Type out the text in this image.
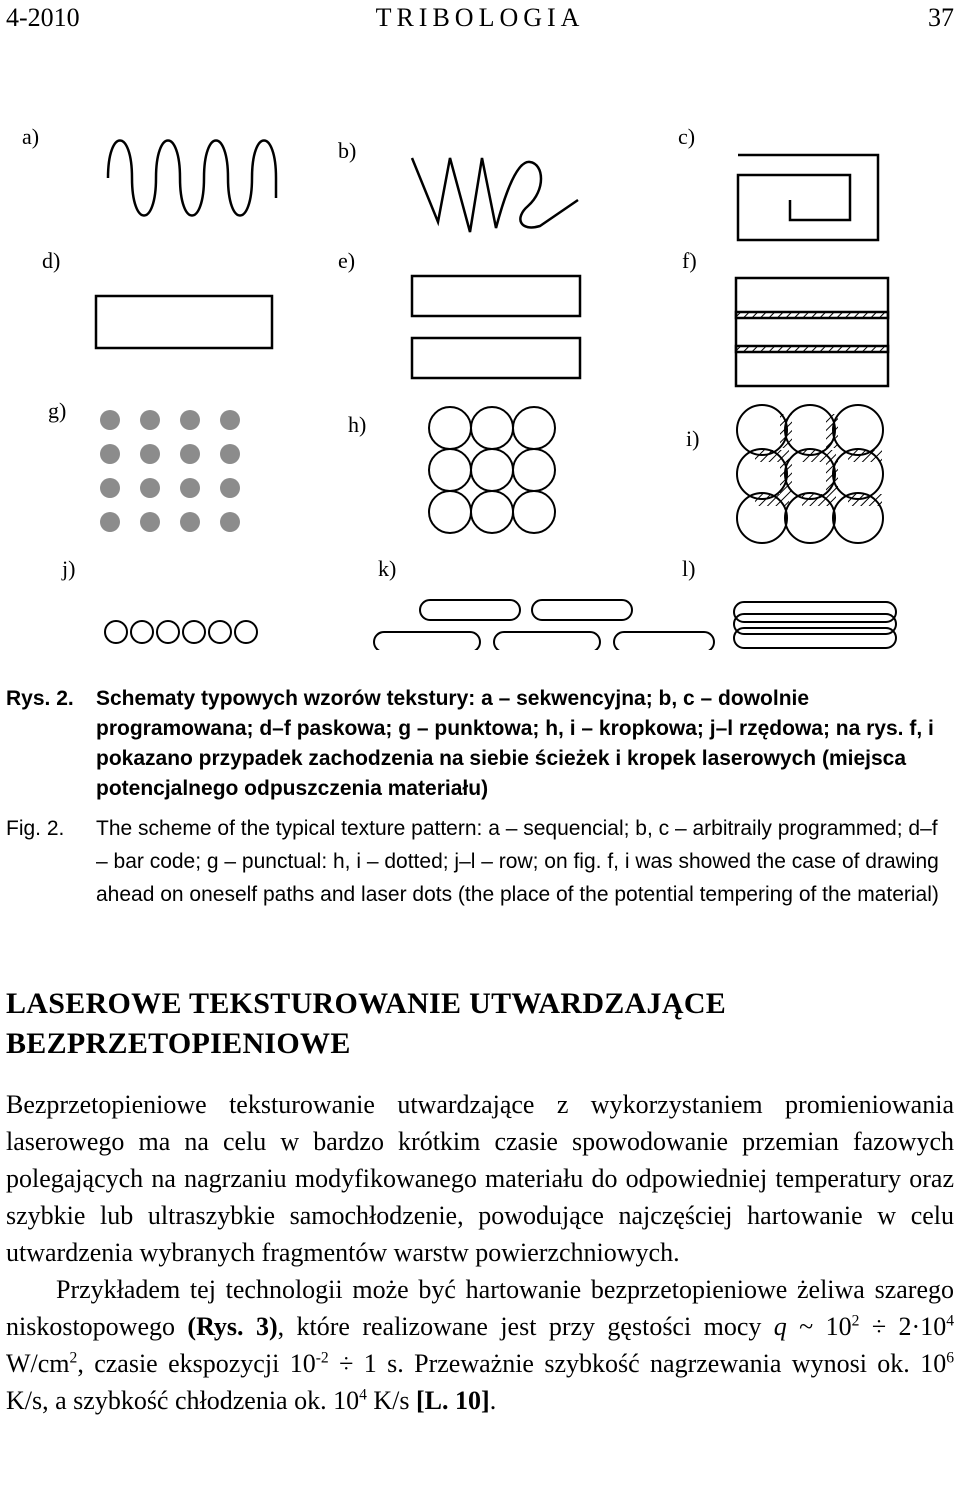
4-2010	TRIBOLOGIA	37
a)
b)
c)
d)	e)	f)
g)
h)
i)
j)	k)	l)
Rys. 2. Schematy typowych wzorów tekstury: a – sekwencyjna; b, c – dowolnie programowana; d–f paskowa; g – punktowa; h, i – kropkowa; j–l rzędowa; na rys. f, i pokazano przypadek zachodzenia na siebie ścieżek i kropek laserowych (miejsca potencjalnego odpuszczenia materiału)
Fig. 2. The scheme of the typical texture pattern: a – sequencial; b, c – arbitraily programmed; d–f – bar code; g – punctual: h, i – dotted; j–l – row; on fig. f, i was showed the case of drawing ahead on oneself paths and laser dots (the place of the potential tempering of the material)
LASEROWE TEKSTUROWANIE UTWARDZAJĄCE
BEZPRZETOPIENIOWE

Bezprzetopieniowe teksturowanie utwardzające z wykorzystaniem promieniowania laserowego ma na celu w bardzo krótkim czasie spowodowanie przemian fazowych polegających na nagrzaniu modyfikowanego materiału do odpowiedniej temperatury oraz szybkie lub ultraszybkie samochłodzenie, powodujące najczęściej hartowanie w celu utwardzenia wybranych fragmentów warstw powierzchniowych.

Przykładem tej technologii może być hartowanie bezprzetopieniowe żeliwa szarego niskostopowego (Rys. 3), które realizowane jest przy gęstości mocy q ~ $10^2 \div 2\cdot 10^4$ $W/cm^2$, czasie ekspozycji $10^{-2} \div 1$ s. Przeważnie szybkość nagrzewania wynosi ok. $10^6$ K/s, a szybkość chłodzenia ok. $10^4$ K/s [L. 10].
